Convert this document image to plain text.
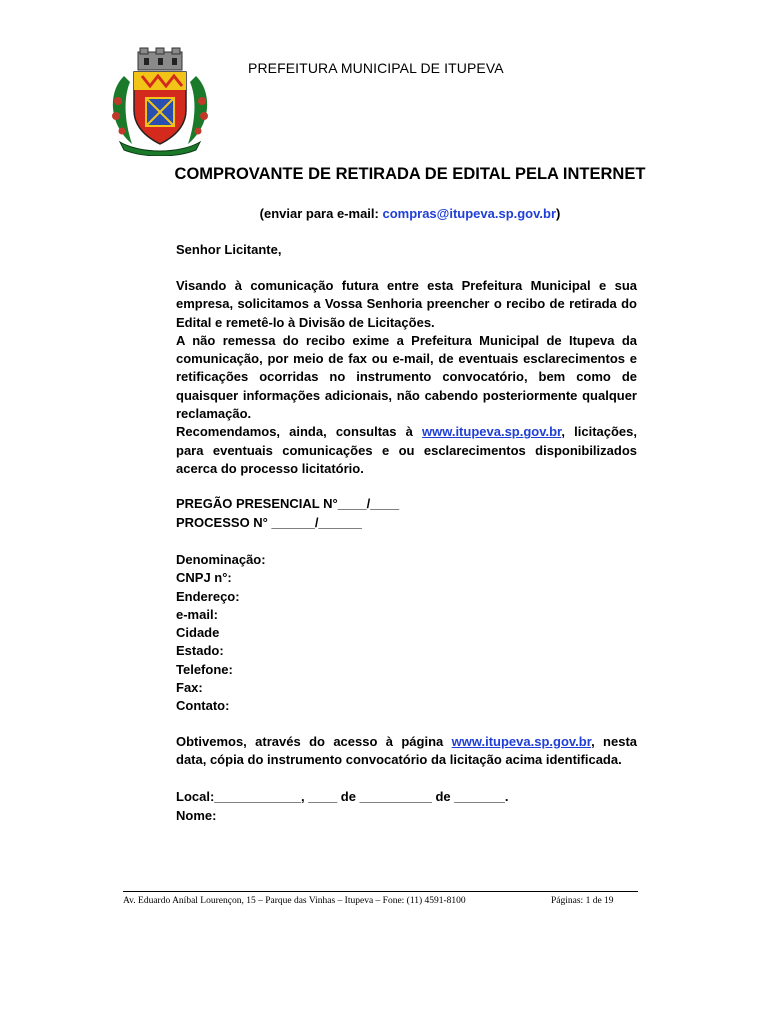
PREFEITURA MUNICIPAL DE ITUPEVA
COMPROVANTE DE RETIRADA DE EDITAL PELA INTERNET
(enviar para e-mail: compras@itupeva.sp.gov.br)
Senhor Licitante,

Visando à comunicação futura entre esta Prefeitura Municipal e sua empresa, solicitamos a Vossa Senhoria preencher o recibo de retirada do Edital e remetê-lo à Divisão de Licitações.

A não remessa do recibo exime a Prefeitura Municipal de Itupeva da comunicação, por meio de fax ou e-mail, de eventuais esclarecimentos e retificações ocorridas no instrumento convocatório, bem como de quaisquer informações adicionais, não cabendo posteriormente qualquer reclamação.

Recomendamos, ainda, consultas à www.itupeva.sp.gov.br, licitações, para eventuais comunicações e ou esclarecimentos disponibilizados acerca do processo licitatório.

PREGÃO PRESENCIAL N°____/____
PROCESSO N° ______/______
Denominação:
CNPJ n°:
Endereço:
e-mail:
Cidade
Estado:
Telefone:
Fax:
Contato:
Obtivemos, através do acesso à página www.itupeva.sp.gov.br, nesta data, cópia do instrumento convocatório da licitação acima identificada.
Local:____________, ____ de __________ de _______.
Nome:
Av. Eduardo Aníbal Lourençon, 15 – Parque das Vinhas – Itupeva – Fone: (11) 4591-8100	Páginas: 1 de 19
